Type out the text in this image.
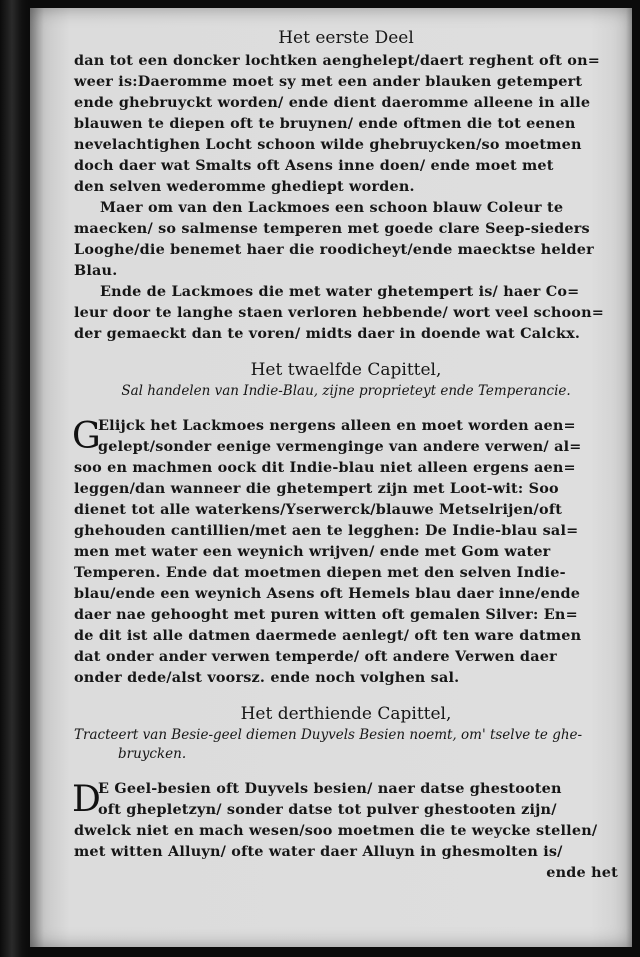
Het eerste Deel
dan tot een doncker lochtken aenghelept/daert reghent oft on=
weer is:Daeromme moet sy met een ander blauken getempert
ende ghebruyckt worden/ ende dient daeromme alleene in alle
blauwen te diepen oft te bruynen/ ende oftmen die tot eenen
nevelachtighen Locht schoon wilde ghebruycken/so moetmen
doch daer wat Smalts oft Asens inne doen/ ende moet met
den selven wederomme ghediept worden.
Maer om van den Lackmoes een schoon blauw Coleur te
maecken/ so salmense temperen met goede clare Seep-sieders
Looghe/die benemet haer die roodicheyt/ende maecktse helder
Blau.
Ende de Lackmoes die met water ghetempert is/ haer Co=
leur door te langhe staen verloren hebbende/ wort veel schoon=
der gemaeckt dan te voren/ midts daer in doende wat Calckx.
Het twaelfde Capittel,
Sal handelen van Indie-Blau, zijne proprieteyt ende Temperancie.
G
Elijck het Lackmoes nergens alleen en moet worden aen=
gelept/sonder eenige vermenginge van andere verwen/ al=
soo en machmen oock dit Indie-blau niet alleen ergens aen=
leggen/dan wanneer die ghetempert zijn met Loot-wit: Soo
dienet tot alle waterkens/Yserwerck/blauwe Metselrijen/oft
ghehouden cantillien/met aen te legghen: De Indie-blau sal=
men met water een weynich wrijven/ ende met Gom water
Temperen. Ende dat moetmen diepen met den selven Indie-
blau/ende een weynich Asens oft Hemels blau daer inne/ende
daer nae gehooght met puren witten oft gemalen Silver: En=
de dit ist alle datmen daermede aenlegt/ oft ten ware datmen
dat onder ander verwen temperde/ oft andere Verwen daer
onder dede/alst voorsz. ende noch volghen sal.
Het derthiende Capittel,
Tracteert van Besie-geel diemen Duyvels Besien noemt, om' tselve te ghe-
bruycken.
D
E Geel-besien oft Duyvels besien/ naer datse ghestooten
oft ghepletzyn/ sonder datse tot pulver ghestooten zijn/
dwelck niet en mach wesen/soo moetmen die te weycke stellen/
met witten Alluyn/ ofte water daer Alluyn in ghesmolten is/
ende het
